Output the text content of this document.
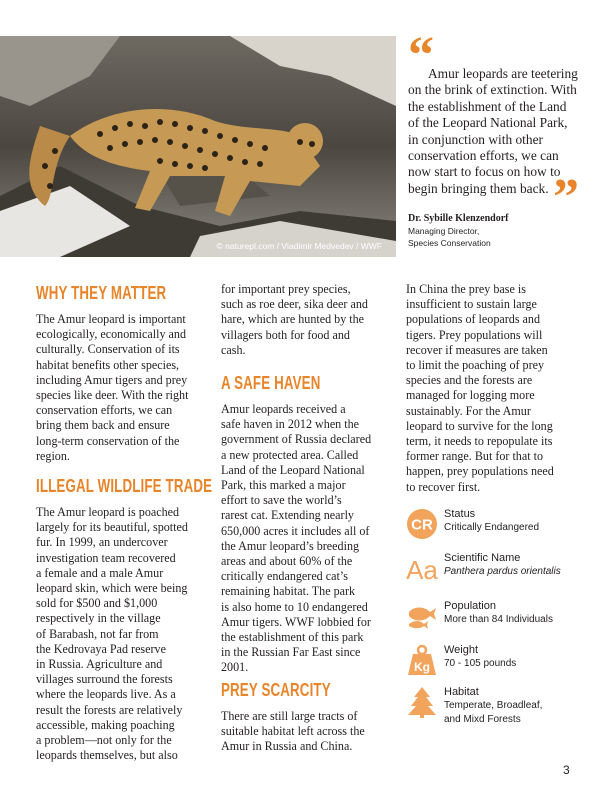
© naturepl.com / Vladimir Medvedev / WWF
“
Amur leopards are teetering
on the brink of extinction. With
the establishment of the Land
of the Leopard National Park,
in conjunction with other
conservation efforts, we can
now start to focus on how to
begin bringing them back. ”
Dr. Sybille Klenzendorf
Managing Director,
Species Conservation
WHY THEY MATTER
The Amur leopard is important
ecologically, economically and
culturally. Conservation of its
habitat benefits other species,
including Amur tigers and prey
species like deer. With the right
conservation efforts, we can
bring them back and ensure
long-term conservation of the
region.
ILLEGAL WILDLIFE TRADE
The Amur leopard is poached
largely for its beautiful, spotted
fur. In 1999, an undercover
investigation team recovered
a female and a male Amur
leopard skin, which were being
sold for $500 and $1,000
respectively in the village
of Barabash, not far from
the Kedrovaya Pad reserve
in Russia. Agriculture and
villages surround the forests
where the leopards live. As a
result the forests are relatively
accessible, making poaching
a problem—not only for the
leopards themselves, but also
for important prey species,
such as roe deer, sika deer and
hare, which are hunted by the
villagers both for food and
cash.
A SAFE HAVEN
Amur leopards received a
safe haven in 2012 when the
government of Russia declared
a new protected area. Called
Land of the Leopard National
Park, this marked a major
effort to save the world’s
rarest cat. Extending nearly
650,000 acres it includes all of
the Amur leopard’s breeding
areas and about 60% of the
critically endangered cat’s
remaining habitat. The park
is also home to 10 endangered
Amur tigers. WWF lobbied for
the establishment of this park
in the Russian Far East since
2001.
PREY SCARCITY
There are still large tracts of
suitable habitat left across the
Amur in Russia and China.
In China the prey base is
insufficient to sustain large
populations of leopards and
tigers. Prey populations will
recover if measures are taken
to limit the poaching of prey
species and the forests are
managed for logging more
sustainably. For the Amur
leopard to survive for the long
term, it needs to repopulate its
former range. But for that to
happen, prey populations need
to recover first.
CR
Status
Critically Endangered
Aa Scientific Name
Panthera pardus orientalis
Population
More than 84 Individuals
Kg
Weight
70 - 105 pounds
Habitat
Temperate, Broadleaf,
and Mixd Forests
3
